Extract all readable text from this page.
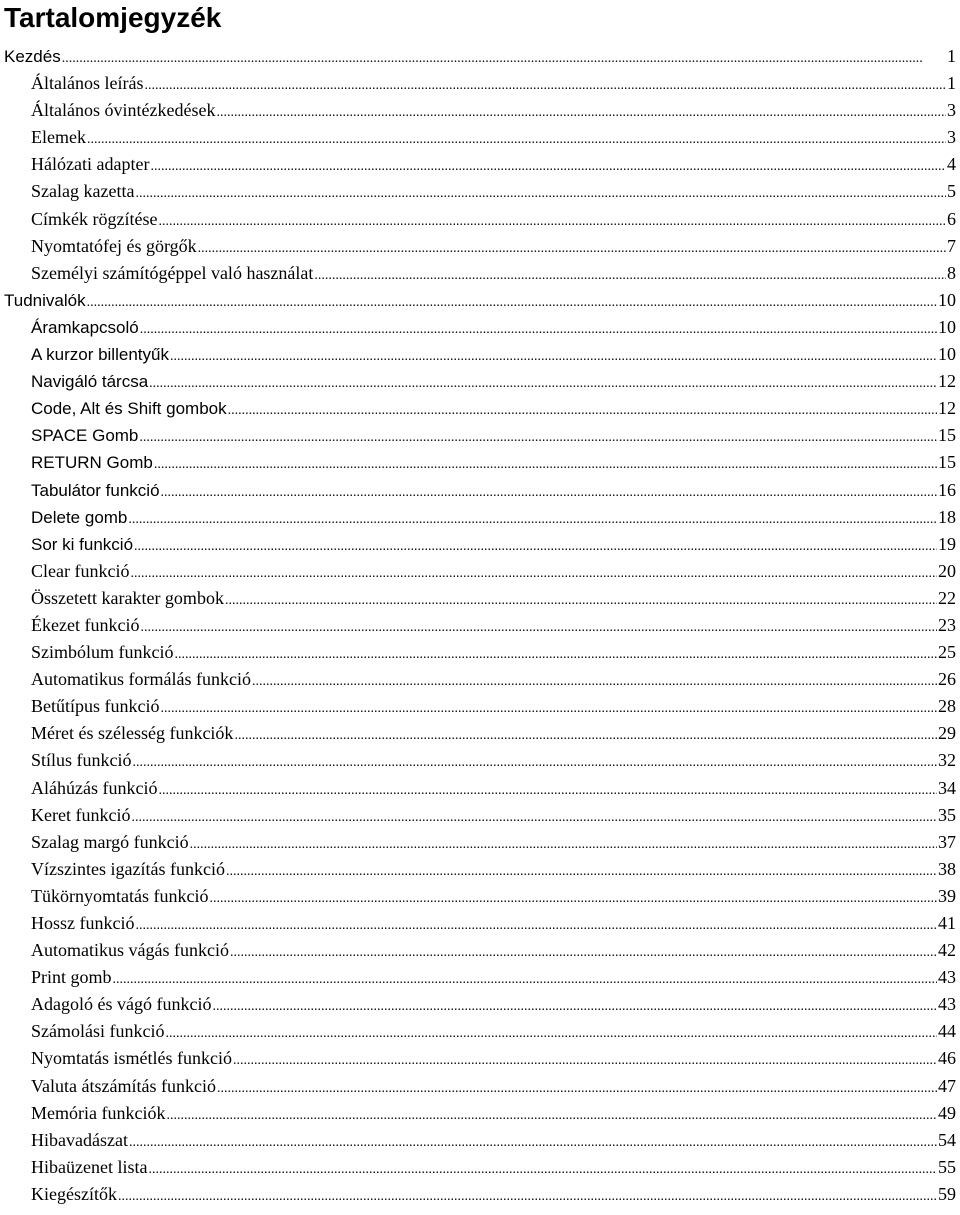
Tartalomjegyzék
Kezdés .....	1
Általános leírás .....	1
Általános óvintézkedések .....	3
Elemek .....	3
Hálózati adapter .....	4
Szalag kazetta .....	5
Címkék rögzítése .....	6
Nyomtatófej és görgők .....	7
Személyi számítógéppel való használat .....	8
Tudnivalók .....	10
Áramkapcsoló .....	10
A kurzor billentyűk .....	10
Navigáló tárcsa .....	12
Code, Alt és Shift gombok .....	12
SPACE Gomb .....	15
RETURN Gomb .....	15
Tabulátor funkció .....	16
Delete gomb .....	18
Sor ki funkció .....	19
Clear funkció .....	20
Összetett karakter gombok .....	22
Ékezet funkció .....	23
Szimbólum funkció .....	25
Automatikus formálás funkció .....	26
Betűtípus funkció .....	28
Méret és szélesség funkciók .....	29
Stílus funkció .....	32
Aláhúzás funkció .....	34
Keret funkció .....	35
Szalag margó funkció .....	37
Vízszintes igazítás funkció .....	38
Tükörnyomtatás funkció .....	39
Hossz funkció .....	41
Automatikus vágás funkció .....	42
Print gomb .....	43
Adagoló és vágó funkció .....	43
Számolási funkció .....	44
Nyomtatás ismétlés funkció .....	46
Valuta átszámítás funkció .....	47
Memória funkciók .....	49
Hibavadászat .....	54
Hibaüzenet lista .....	55
Kiegészítők .....	59
